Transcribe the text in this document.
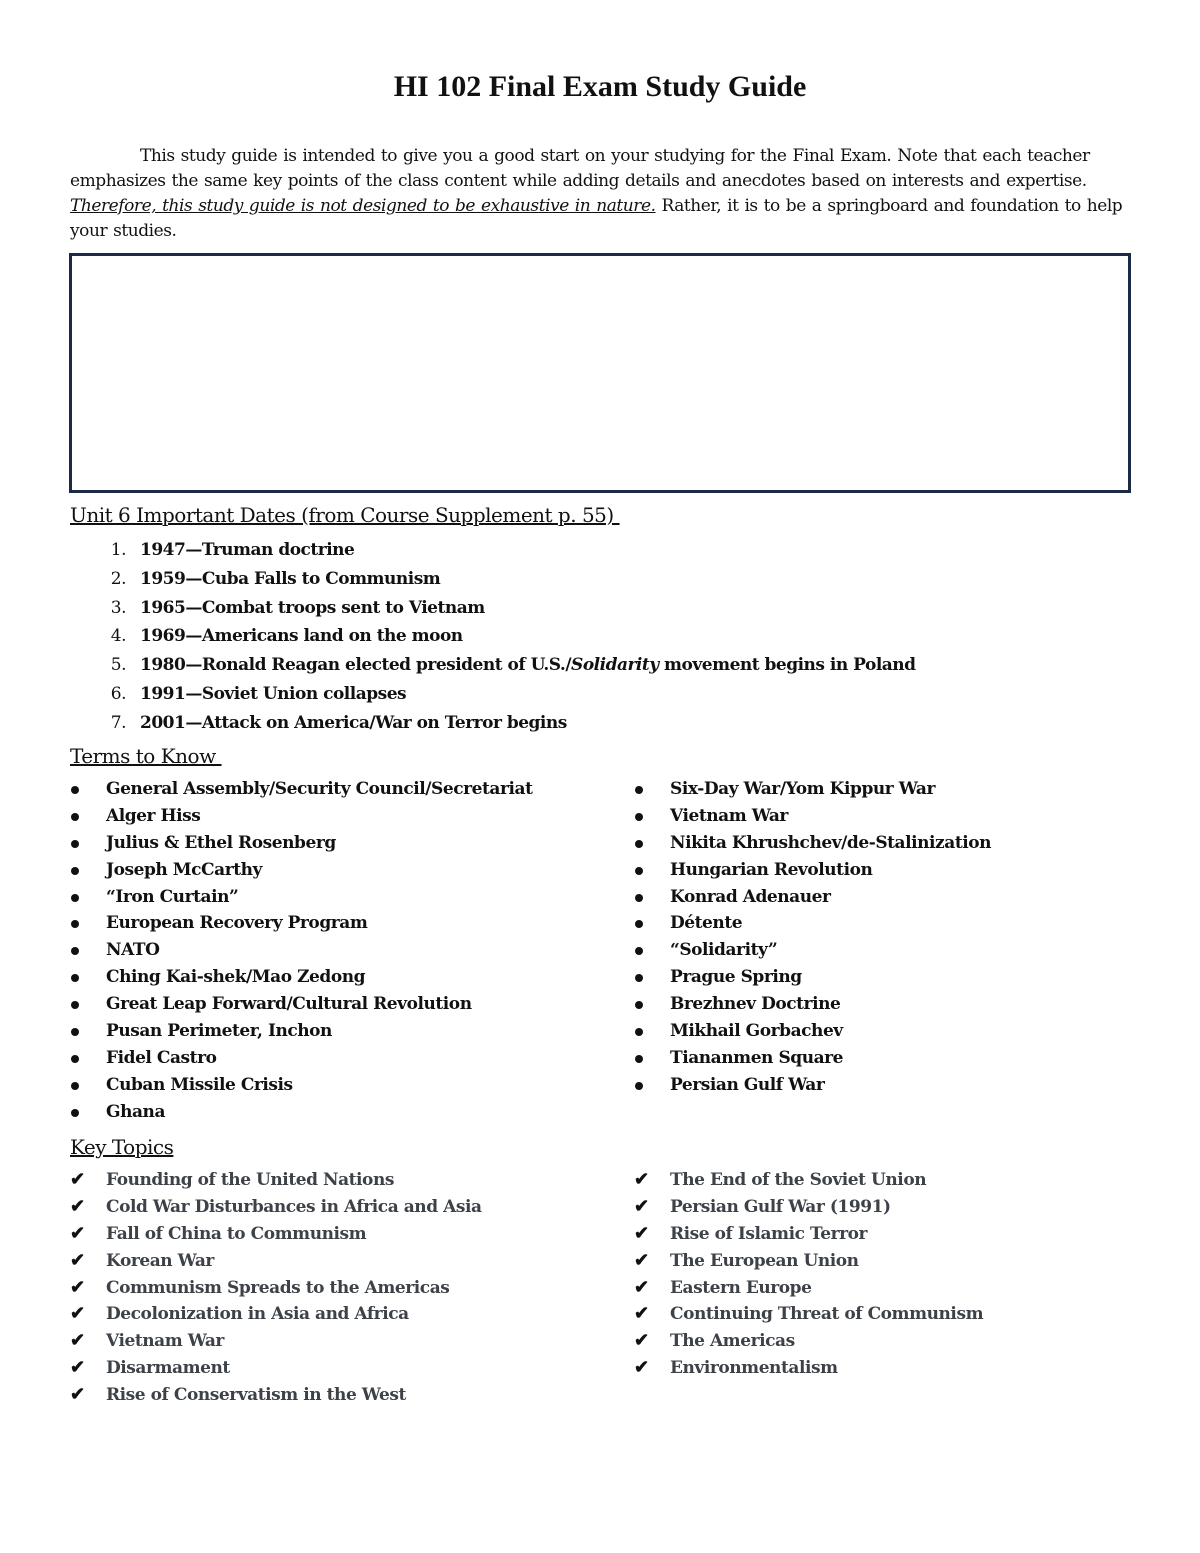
HI 102 Final Exam Study Guide
This study guide is intended to give you a good start on your studying for the Final Exam. Note that each teacher emphasizes the same key points of the class content while adding details and anecdotes based on interests and expertise. Therefore, this study guide is not designed to be exhaustive in nature. Rather, it is to be a springboard and foundation to help your studies.
Unit 6 Important Dates (from Course Supplement p. 55)
1. 1947—Truman doctrine
2. 1959—Cuba Falls to Communism
3. 1965—Combat troops sent to Vietnam
4. 1969—Americans land on the moon
5. 1980—Ronald Reagan elected president of U.S./Solidarity movement begins in Poland
6. 1991—Soviet Union collapses
7. 2001—Attack on America/War on Terror begins
Terms to Know
General Assembly/Security Council/Secretariat
Alger Hiss
Julius & Ethel Rosenberg
Joseph McCarthy
“Iron Curtain”
European Recovery Program
NATO
Ching Kai-shek/Mao Zedong
Great Leap Forward/Cultural Revolution
Pusan Perimeter, Inchon
Fidel Castro
Cuban Missile Crisis
Ghana
Six-Day War/Yom Kippur War
Vietnam War
Nikita Khrushchev/de-Stalinization
Hungarian Revolution
Konrad Adenauer
Détente
“Solidarity”
Prague Spring
Brezhnev Doctrine
Mikhail Gorbachev
Tiananmen Square
Persian Gulf War
Key Topics
✔	Founding of the United Nations
✔	Cold War Disturbances in Africa and Asia
✔	Fall of China to Communism
✔	Korean War
✔	Communism Spreads to the Americas
✔	Decolonization in Asia and Africa
✔	Vietnam War
✔	Disarmament
✔	Rise of Conservatism in the West
✔	The End of the Soviet Union
✔	Persian Gulf War (1991)
✔	Rise of Islamic Terror
✔	The European Union
✔	Eastern Europe
✔	Continuing Threat of Communism
✔	The Americas
✔	Environmentalism
